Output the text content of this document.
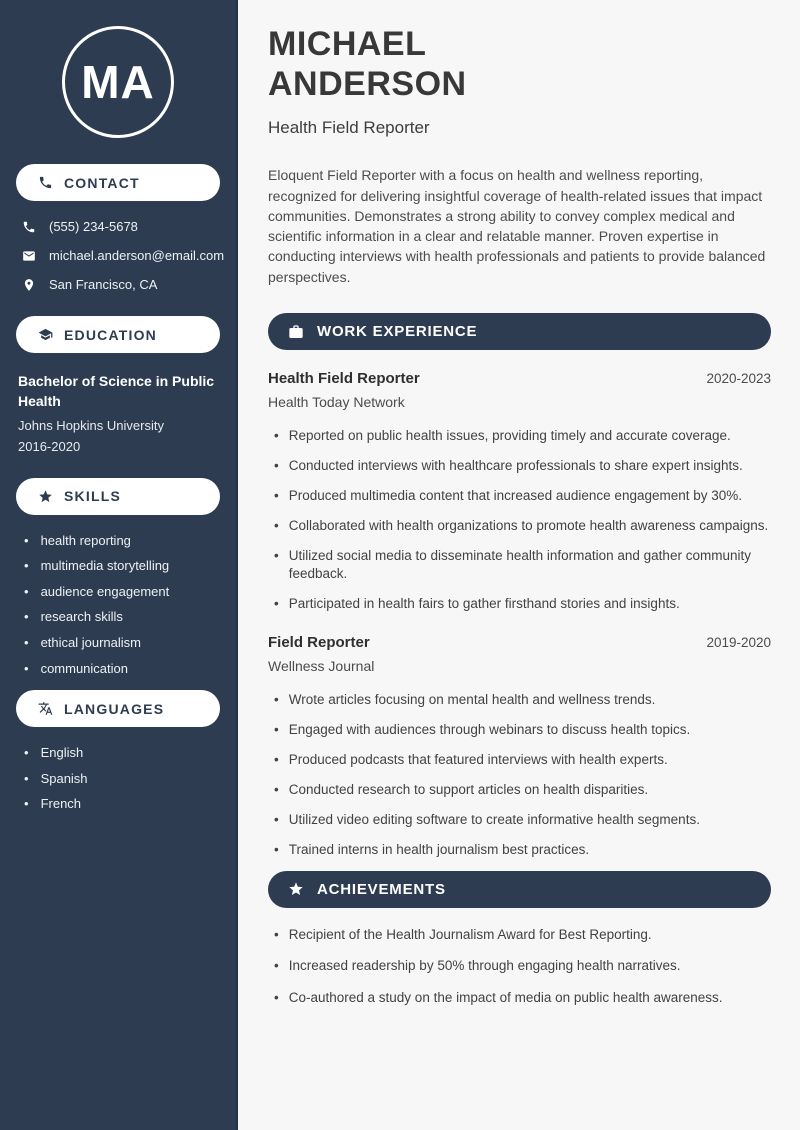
MA
CONTACT
(555) 234-5678
michael.anderson@email.com
San Francisco, CA
EDUCATION
Bachelor of Science in Public Health
Johns Hopkins University
2016-2020
SKILLS
• health reporting
• multimedia storytelling
• audience engagement
• research skills
• ethical journalism
• communication
LANGUAGES
• English
• Spanish
• French
MICHAEL
ANDERSON
Health Field Reporter

Eloquent Field Reporter with a focus on health and wellness reporting, recognized for delivering insightful coverage of health-related issues that impact communities. Demonstrates a strong ability to convey complex medical and scientific information in a clear and relatable manner. Proven expertise in conducting interviews with health professionals and patients to provide balanced perspectives.

WORK EXPERIENCE
Health Field Reporter	2020-2023
Health Today Network
• Reported on public health issues, providing timely and accurate coverage.
• Conducted interviews with healthcare professionals to share expert insights.
• Produced multimedia content that increased audience engagement by 30%.
• Collaborated with health organizations to promote health awareness campaigns.
• Utilized social media to disseminate health information and gather community feedback.
• Participated in health fairs to gather firsthand stories and insights.
Field Reporter	2019-2020
Wellness Journal
• Wrote articles focusing on mental health and wellness trends.
• Engaged with audiences through webinars to discuss health topics.
• Produced podcasts that featured interviews with health experts.
• Conducted research to support articles on health disparities.
• Utilized video editing software to create informative health segments.
• Trained interns in health journalism best practices.
ACHIEVEMENTS
• Recipient of the Health Journalism Award for Best Reporting.
• Increased readership by 50% through engaging health narratives.
• Co-authored a study on the impact of media on public health awareness.
